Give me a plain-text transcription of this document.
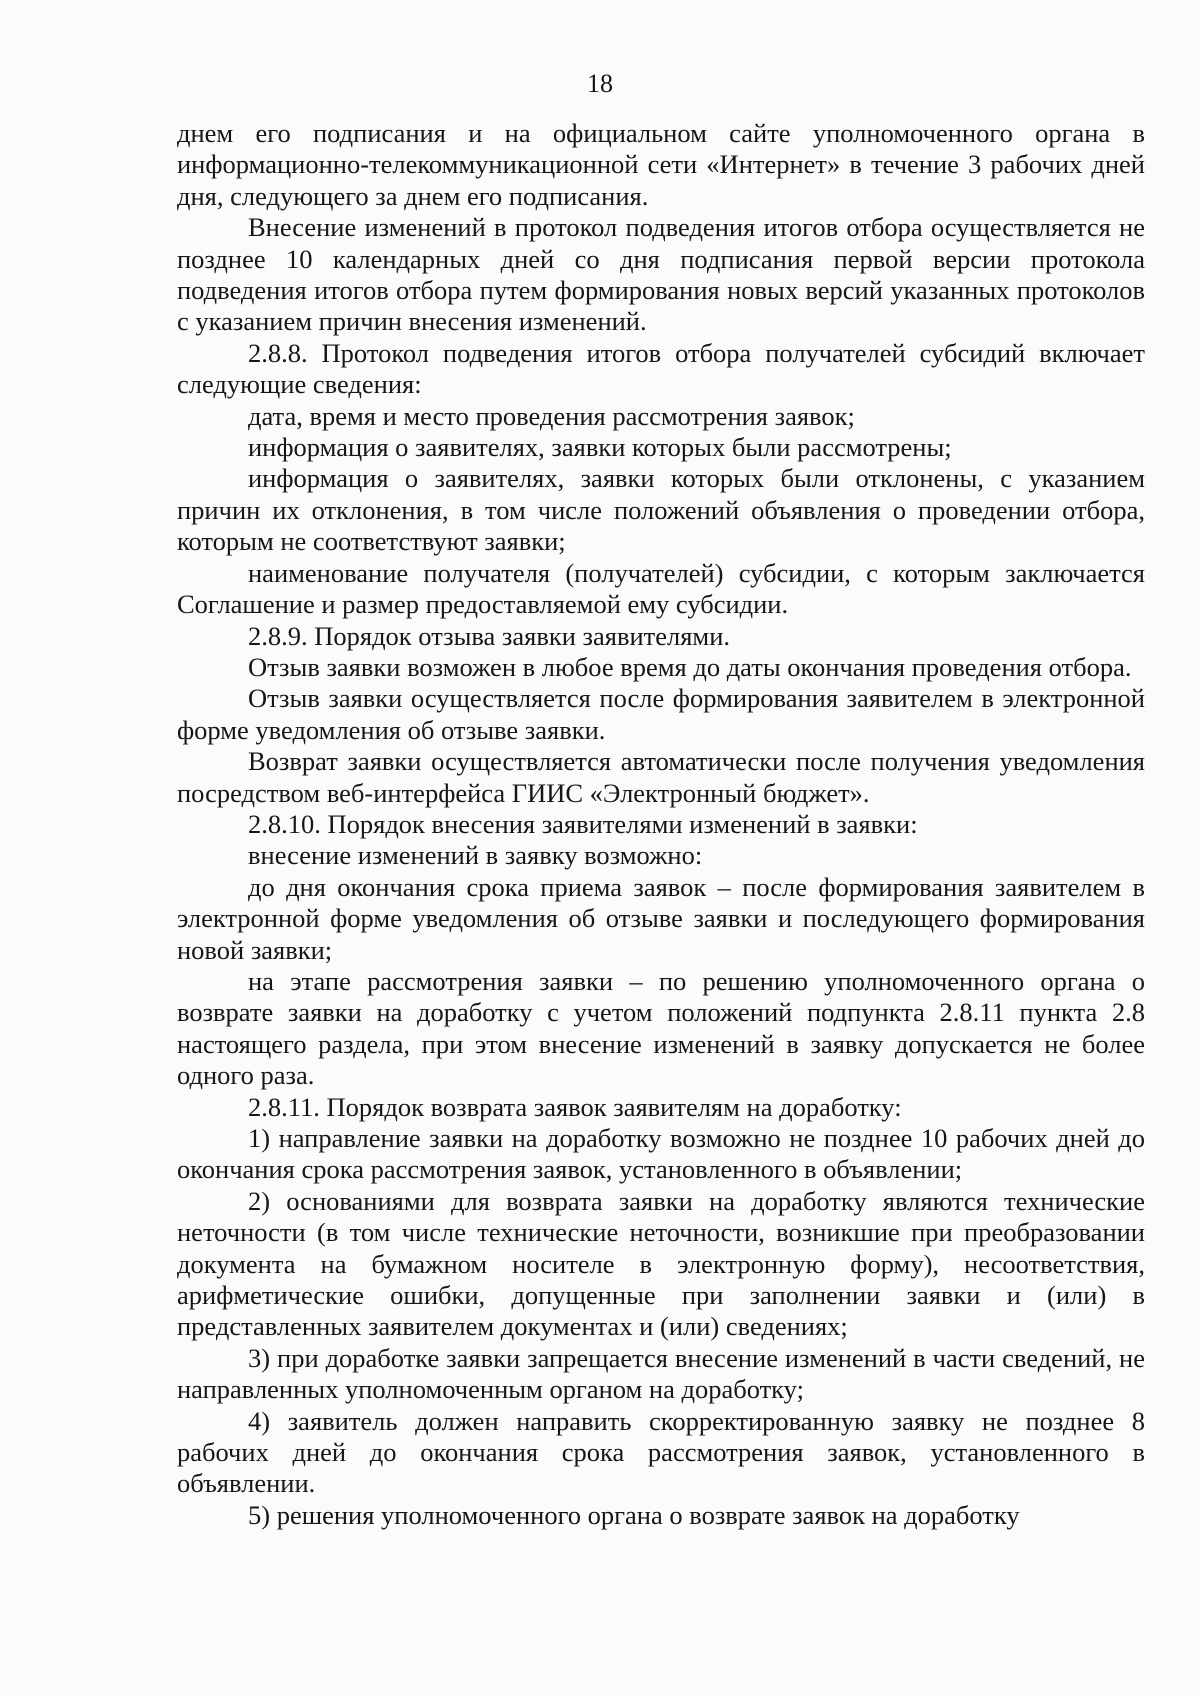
18

днем его подписания и на официальном сайте уполномоченного органа в информационно-телекоммуникационной сети «Интернет» в течение 3 рабочих дней дня, следующего за днем его подписания.

Внесение изменений в протокол подведения итогов отбора осуществляется не позднее 10 календарных дней со дня подписания первой версии протокола подведения итогов отбора путем формирования новых версий указанных протоколов с указанием причин внесения изменений.

2.8.8. Протокол подведения итогов отбора получателей субсидий включает следующие сведения:

дата, время и место проведения рассмотрения заявок;

информация о заявителях, заявки которых были рассмотрены;

информация о заявителях, заявки которых были отклонены, с указанием причин их отклонения, в том числе положений объявления о проведении отбора, которым не соответствуют заявки;

наименование получателя (получателей) субсидии, с которым заключается Соглашение и размер предоставляемой ему субсидии.

2.8.9. Порядок отзыва заявки заявителями.

Отзыв заявки возможен в любое время до даты окончания проведения отбора.

Отзыв заявки осуществляется после формирования заявителем в электронной форме уведомления об отзыве заявки.

Возврат заявки осуществляется автоматически после получения уведомления посредством веб-интерфейса ГИИС «Электронный бюджет».

2.8.10. Порядок внесения заявителями изменений в заявки:

внесение изменений в заявку возможно:

до дня окончания срока приема заявок – после формирования заявителем в электронной форме уведомления об отзыве заявки и последующего формирования новой заявки;

на этапе рассмотрения заявки – по решению уполномоченного органа о возврате заявки на доработку с учетом положений подпункта 2.8.11 пункта 2.8 настоящего раздела, при этом внесение изменений в заявку допускается не более одного раза.

2.8.11. Порядок возврата заявок заявителям на доработку:

1) направление заявки на доработку возможно не позднее 10 рабочих дней до окончания срока рассмотрения заявок, установленного в объявлении;

2) основаниями для возврата заявки на доработку являются технические неточности (в том числе технические неточности, возникшие при преобразовании документа на бумажном носителе в электронную форму), несоответствия, арифметические ошибки, допущенные при заполнении заявки и (или) в представленных заявителем документах и (или) сведениях;

3) при доработке заявки запрещается внесение изменений в части сведений, не направленных уполномоченным органом на доработку;

4) заявитель должен направить скорректированную заявку не позднее 8 рабочих дней до окончания срока рассмотрения заявок, установленного в объявлении.

5) решения уполномоченного органа о возврате заявок на доработку
